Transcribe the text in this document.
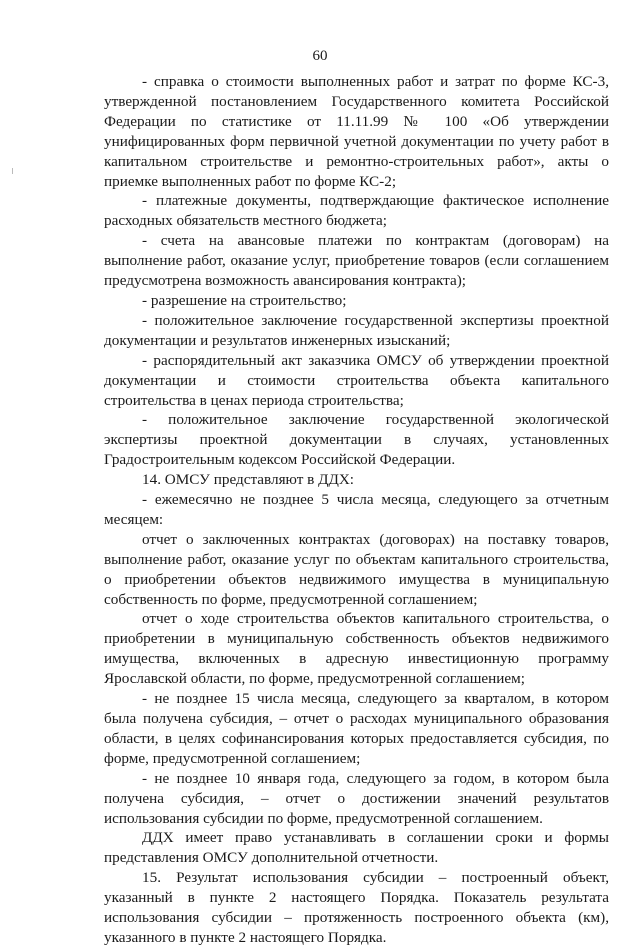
60

- справка о стоимости выполненных работ и затрат по форме КС-3, утвержденной постановлением Государственного комитета Российской Федерации по статистике от 11.11.99 № 100 «Об утверждении унифицированных форм первичной учетной документации по учету работ в капитальном строительстве и ремонтно-строительных работ», акты о приемке выполненных работ по форме КС-2;

- платежные документы, подтверждающие фактическое исполнение расходных обязательств местного бюджета;

- счета на авансовые платежи по контрактам (договорам) на выполнение работ, оказание услуг, приобретение товаров (если соглашением предусмотрена возможность авансирования контракта);

- разрешение на строительство;

- положительное заключение государственной экспертизы проектной документации и результатов инженерных изысканий;

- распорядительный акт заказчика ОМСУ об утверждении проектной документации и стоимости строительства объекта капитального строительства в ценах периода строительства;

- положительное заключение государственной экологической экспертизы проектной документации в случаях, установленных Градостроительным кодексом Российской Федерации.

14. ОМСУ представляют в ДДХ:

- ежемесячно не позднее 5 числа месяца, следующего за отчетным месяцем:

отчет о заключенных контрактах (договорах) на поставку товаров, выполнение работ, оказание услуг по объектам капитального строительства, о приобретении объектов недвижимого имущества в муниципальную собственность по форме, предусмотренной соглашением;

отчет о ходе строительства объектов капитального строительства, о приобретении в муниципальную собственность объектов недвижимого имущества, включенных в адресную инвестиционную программу Ярославской области, по форме, предусмотренной соглашением;

- не позднее 15 числа месяца, следующего за кварталом, в котором была получена субсидия, – отчет о расходах муниципального образования области, в целях софинансирования которых предоставляется субсидия, по форме, предусмотренной соглашением;

- не позднее 10 января года, следующего за годом, в котором была получена субсидия, – отчет о достижении значений результатов использования субсидии по форме, предусмотренной соглашением.

ДДХ имеет право устанавливать в соглашении сроки и формы представления ОМСУ дополнительной отчетности.

15. Результат использования субсидии – построенный объект, указанный в пункте 2 настоящего Порядка. Показатель результата использования субсидии – протяженность построенного объекта (км), указанного в пункте 2 настоящего Порядка.
